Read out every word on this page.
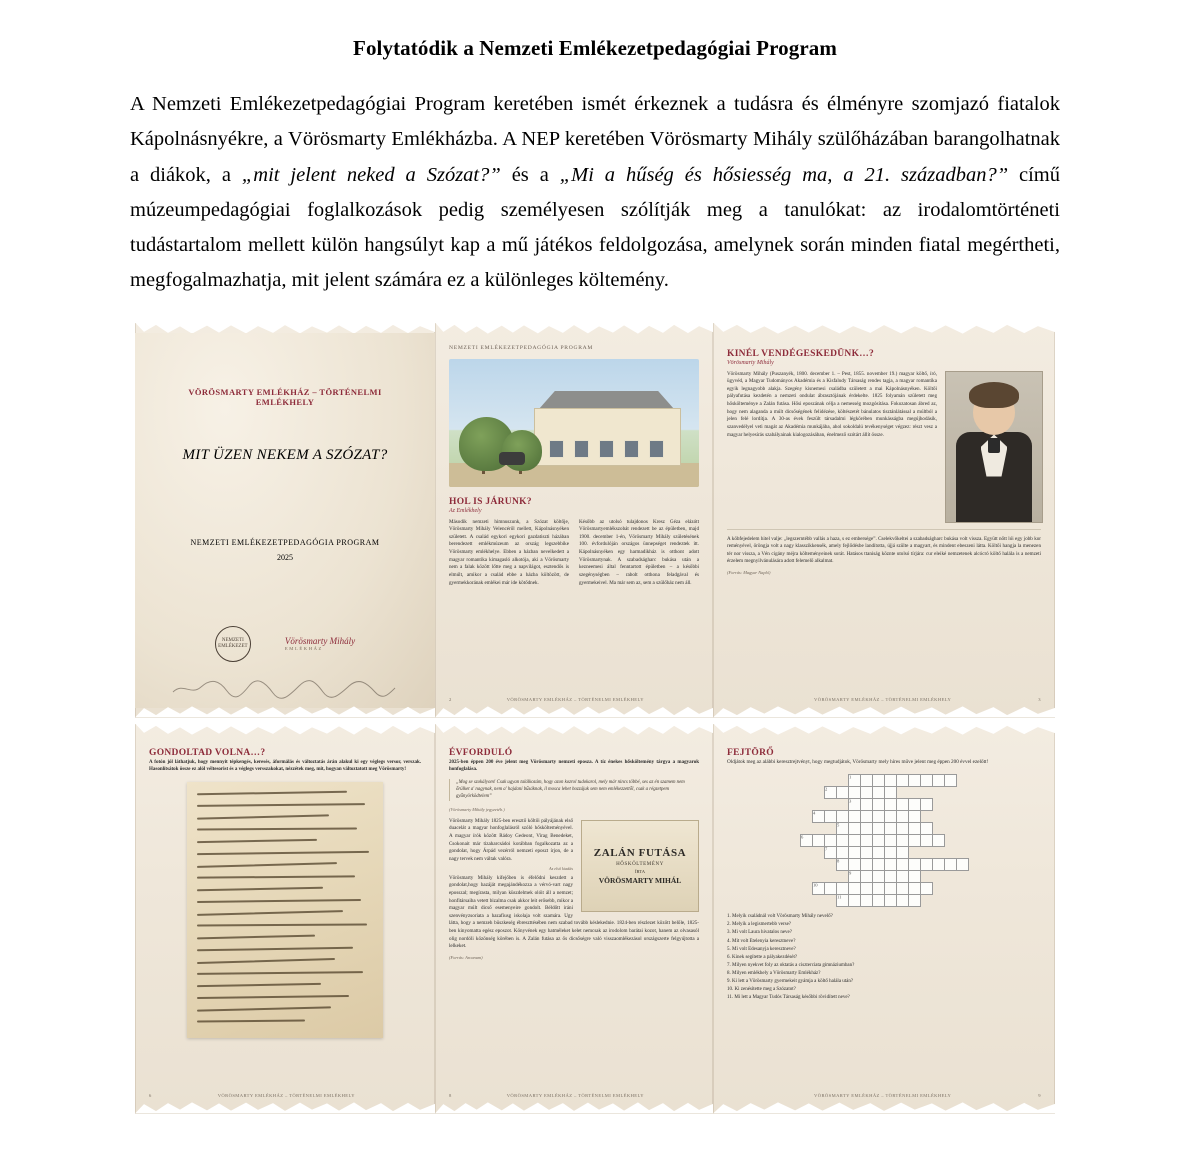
Folytatódik a Nemzeti Emlékezetpedagógiai Program

A Nemzeti Emlékezetpedagógiai Program keretében ismét érkeznek a tudásra és élményre szomjazó fiatalok Kápolnásnyékre, a Vörösmarty Emlékházba. A NEP keretében Vörösmarty Mihály szülőházában barangolhatnak a diákok, a „mit jelent neked a Szózat?” és a „Mi a hűség és hősiesség ma, a 21. században?” című múzeumpedagógiai foglalkozások pedig személyesen szólítják meg a tanulókat: az irodalomtörténeti tudástartalom mellett külön hangsúlyt kap a mű játékos feldolgozása, amelynek során minden fiatal megértheti, megfogalmazhatja, mit jelent számára ez a különleges költemény.

VÖRÖSMARTY EMLÉKHÁZ – TÖRTÉNELMI EMLÉKHELY
MIT ÜZEN NEKEM A SZÓZAT?
NEMZETI EMLÉKEZETPEDAGÓGIA PROGRAM
2025
NEMZETI EMLÉKEZET
Vörösmarty Mihály
EMLÉKHÁZ
NEMZETI EMLÉKEZETPEDAGÓGIA PROGRAM
HOL IS JÁRUNK?
Az Emlékhely
Második nemzeti himnuszunk, a Szózat költője, Vörösmarty Mihály Velencéről mellett, Kápolnásnyéken született. A család egykori egykori gazdatiszti házában berendezett emlékmúzeum az ország legszebbike Vörösmarty emlékhelye. Ebben a házban nevelkedett a magyar romantika kimagasló alkotója, aki a Vörösmarty nem a falak között lőtte meg a napvilágot, esztendős is elmúlt, amikor a család ebbe a házba költözött, de gyermekkorának emlékei már ide kötődnek.
Később az utolsó tulajdonos Kresz Géza elázótt Vörösmartyemlékszobát rendezett be az épületben, majd 1900. december 1-én, Vörösmarty Mihály születésének 100. évfordulóján országos ünnepséget rendeztek itt. Kápolnásnyéken egy harmadikház is otthont adott Vörösmartynak. A szabadságharc bukása után a kezneemesi által fenntartott épületben – a későbbi szegénységben – rabolt otthona feladgával és gyermekeivel. Ma már sem az, sem a szülőház nem áll.
2	VÖRÖSMARTY EMLÉKHÁZ – TÖRTÉNELMI EMLÉKHELY
KINÉL VENDÉGESKEDÜNK…?
Vörösmarty Mihály
Vörösmarty Mihály (Puszanyék, 1800. december 1. – Pest, 1855. november 19.) magyar költő, író, ügyvéd, a Magyar Tudományos Akadémia és a Kisfaludy Társaság rendes tagja, a magyar romantika egyik legnagyobb alakja. Szegény kisnemesi családba született a mai Kápolnásnyéken. Költői pályafutása kezdetén a nemzeti ondulat ábrasztójának érdekelte. 1825 folyamán született meg hőskölteménye a Zalán futása. Hősi eposzának célja a nemesség mozgósítása. Fokozatosan ábred az, hogy nem alaganda a múlt dicsőségének felidézése, költészetét bánulatos tisztánlátással a múltból a jelen felé lordítja. A 30-as évek feszült társadalmi légkörében munkásságba megújhodásik, szanvedélyel veti magát az Akadémia munkájába, ahol sokoldalú tevékenységet végzez: részt vesz a magyar helyesírás szabályainak kialogozásában, énelmező szótárt állít össze.
A köbfejedelem hitel valje: „legszerntébb vallás a haza, s ez embersége”. Cselekvőkeltei a szabadságharc bukása volt vissza. Együtt nőtt lói egy jobb kor reményével, öröngja volt a nagy klasszikkensék, amely fejlődésbe landította, újjá szülte a magyart, és mindent ebeszeni látta. Költői hangja la menezen tér nor vissza, a Vén cigány méjra költeményeinek sorát. Hatásos ttaniság köznte utolsó tírjára: cur eleiké nemzetenek alcócró költő halála is a nemzeti érzelem megnyilvánulására adott felemelő alkalmat.
(Forrás: Magyar Napló)
VÖRÖSMARTY EMLÉKHÁZ – TÖRTÉNELMI EMLÉKHELY	3
GONDOLTAD VOLNA…?
A fotón jól láthatjuk, hogy mennyit tépkengés, keresés, áformálás és változtatás árán alakul ki egy véglegs versor, verszak. Hasonlítsátok össze ez alól véltesorist és a véglegs versszakokat, nézzétek meg, mit, hogyan változtatott meg Vörösmarty!
6	VÖRÖSMARTY EMLÉKHÁZ – TÖRTÉNELMI EMLÉKHELY
ÉVFORDULÓ
2025-ben éppen 200 éve jelent meg Vörösmarty nemzeti eposza. A tíz énekes hősköltemény tárgya a magyarok honfoglalása.
„Mog se szokályom! Csak ugyan találkozám, hogy azon kozrol tudokarol, mely már nincs többé, ses az én szamem nem őrülket a' nagynak, nem a' hajdani bűsáknak, il mosca lehet hozzájuk sem nem emlékezzettől, csak a régzetpem gyűnyörködtelem”
(Vörösmarty Mihály jegyzetéb.)
ZALÁN FUTÁSA
HŐSKÖLTEMÉNY
ÍRTA
VÖRÖSMARTY MIHÁL
Vörösmarty Mihály 1825-ben eresztő költői pályájának első duacelát a magyar honfoglalásról szóló hőskölteményével. A magyar írók között Rádoy Gedeont, Virag Benedeket, Csokonait már tizaharcsádoi korábban fogalkozatta az a gondolat, hogy Árpád vezérról nemzeti eposzt írjon, de a nagy tervek nem váltak valóra.
Az első kiadás
Vörösmarty Mihály kifejőben is éfelődni keszdett a gondolat,hogy hazáját megajándékozza a vérvó-vart nagy eposszal; megírasta, milyan küszdelmek olóit áll a nemzet; honfitársaiba vetett bizalma csak akkor leit erősebb, mikor a magyar múlt dicső esemenyeire gondolt. Béldőtt iráni szenvényzsoriata a hazafiusg iskolaja volt szamára. Ugy látta, hogy a nemzeh büszkeség ébreszttésében nem szabad tovább késlekednie. 1824-ben részlezet között belőle, 1825-ben kinyomatta egész eposzot. Könyvének egy hatméleket kelet nemcsak az irodolom barátai kozot, hanem az olvasasól olig nordóli közönség körében is. A Zalán futása az ős dicsőségre való visszaomlékezásol országszerte felgyújtotta a lelkeket.
(Forrás: Arcanum)
8	VÖRÖSMARTY EMLÉKHÁZ – TÖRTÉNELMI EMLÉKHELY
FEJTÖRŐ
Oldjátok meg az alábbi keresztrejtvényt, hogy megtudjátok, Vörösmarty mely híres műve jelent meg éppen 200 évvel ezelőtt!

						1											

				2													

						3											

			4														

					5												

		6															

				7													

					8												

						9											

			10														

					11												

1. Melyik családnál volt Vörösmarty Mihály nevelő?
2. Melyik a legismertebb verse?
3. Mi volt Laura hivatalos neve?
4. Mit volt Etelenyia keresztneve?
5. Mi volt Edesanyja keresztneve?
6. Kinek segítette a pályakezdését?
7. Milyen nyekvet foly az oktatás a ciszterciata gimnáziumban?
8. Milyen emlékhely a Vörösmarty Emlékház?
9. Ki lett a Vörösmarty gyermekeit gyámja a költő halála után?
10. Ki zenésítette meg a Szózatot?
11. Mi lett a Magyar Tudós Társaság későbbi rövidített neve?
VÖRÖSMARTY EMLÉKHÁZ – TÖRTÉNELMI EMLÉKHELY	9
